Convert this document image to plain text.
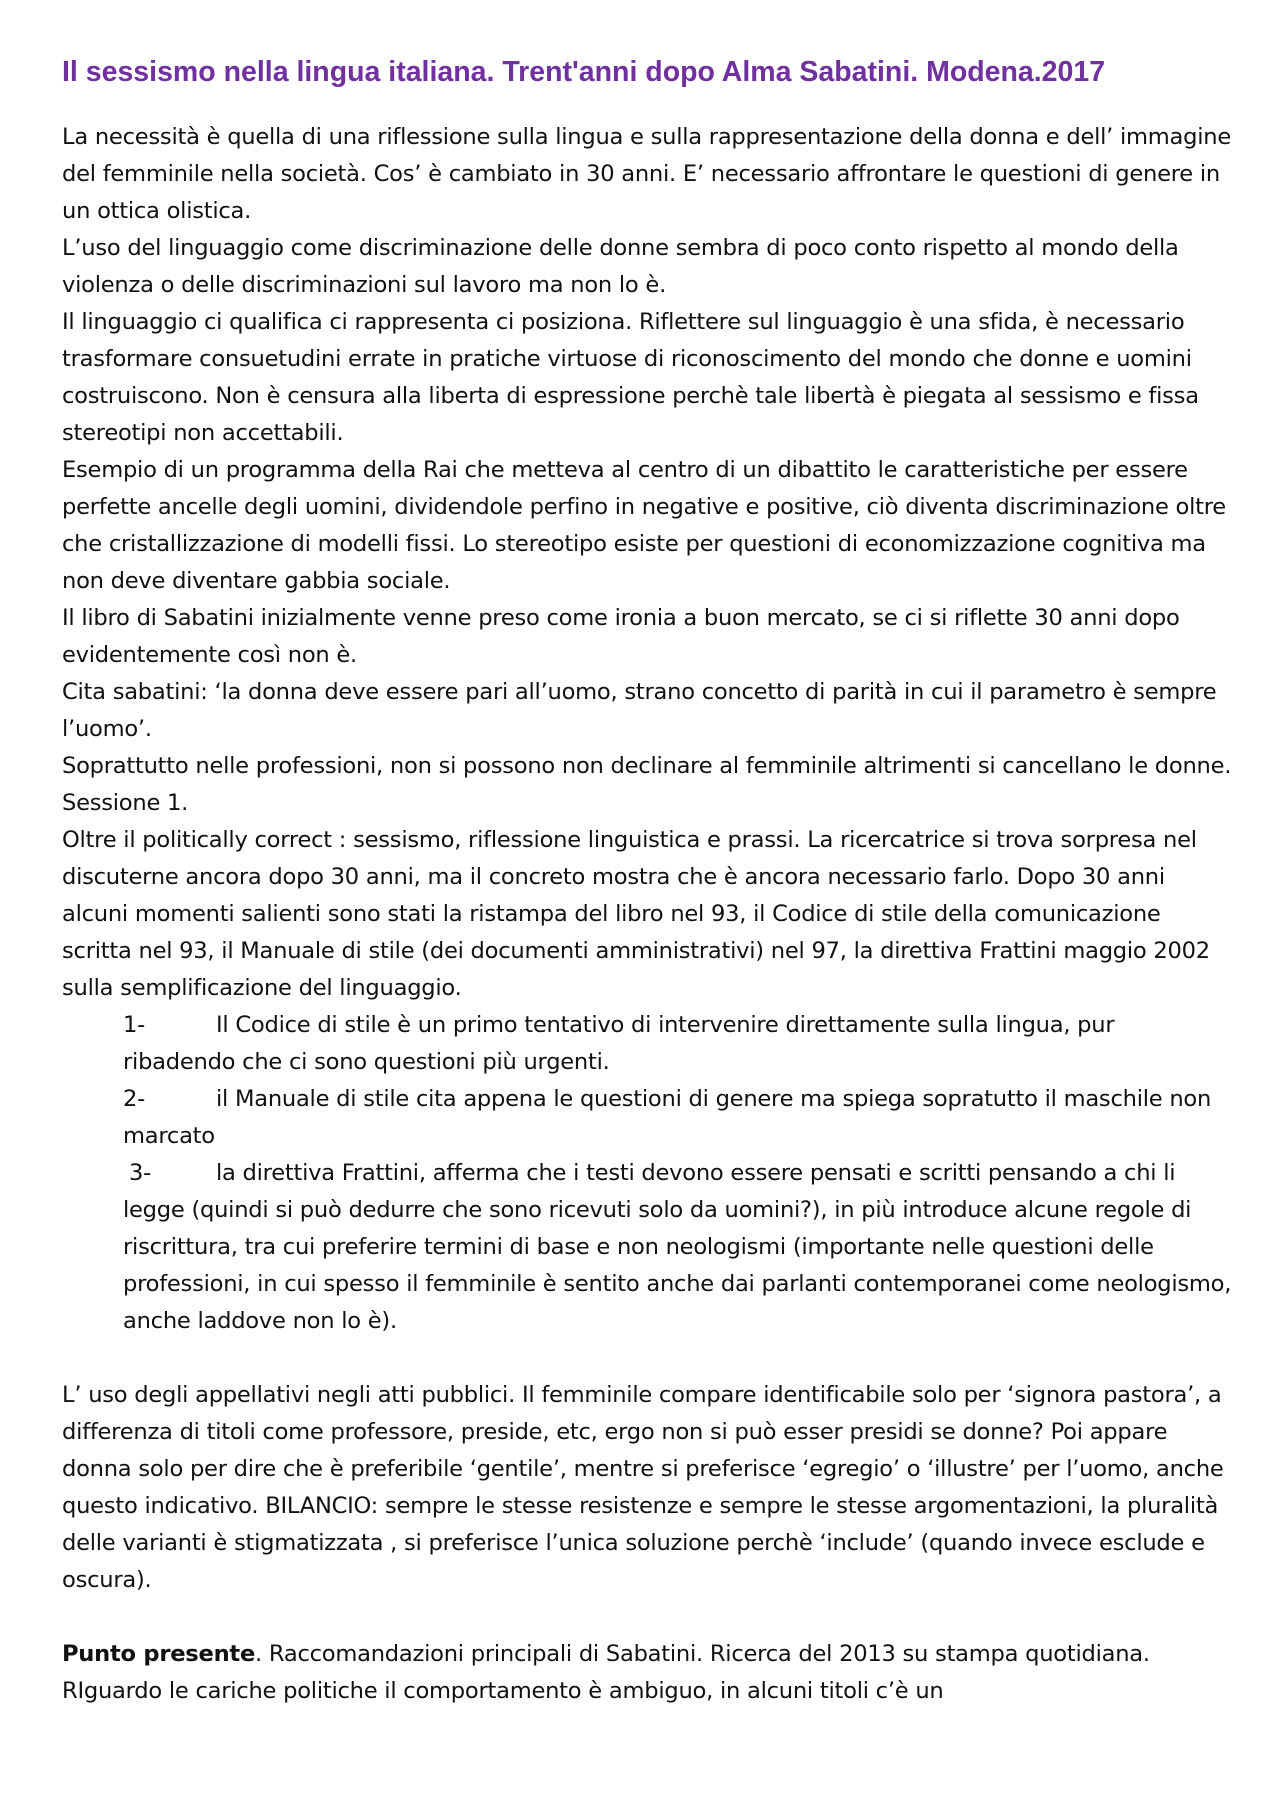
Il sessismo nella lingua italiana. Trent'anni dopo Alma Sabatini. Modena.2017

La necessità è quella di una riflessione sulla lingua e sulla rappresentazione della donna e dell’ immagine del femminile nella società. Cos’ è cambiato in 30 anni. E’ necessario affrontare le questioni di genere in un ottica olistica.

L’uso del linguaggio come discriminazione delle donne sembra di poco conto rispetto al mondo della violenza o delle discriminazioni sul lavoro ma non lo è.

Il linguaggio ci qualifica ci rappresenta ci posiziona. Riflettere sul linguaggio è una sfida, è necessario trasformare consuetudini errate in pratiche virtuose di riconoscimento del mondo che donne e uomini costruiscono. Non è censura alla liberta di espressione perchè tale libertà è piegata al sessismo e fissa stereotipi non accettabili.

Esempio di un programma della Rai che metteva al centro di un dibattito le caratteristiche per essere perfette ancelle degli uomini, dividendole perfino in negative e positive, ciò diventa discriminazione oltre che cristallizzazione di modelli fissi. Lo stereotipo esiste per questioni di economizzazione cognitiva ma non deve diventare gabbia sociale.

Il libro di Sabatini inizialmente venne preso come ironia a buon mercato, se ci si riflette 30 anni dopo evidentemente così non è.

Cita sabatini: ‘la donna deve essere pari all’uomo, strano concetto di parità in cui il parametro è sempre l’uomo’.

Soprattutto nelle professioni, non si possono non declinare al femminile altrimenti si cancellano le donne.

Sessione 1.

Oltre il politically correct : sessismo, riflessione linguistica e prassi. La ricercatrice si trova sorpresa nel discuterne ancora dopo 30 anni, ma il concreto mostra che è ancora necessario farlo. Dopo 30 anni alcuni momenti salienti sono stati la ristampa del libro nel 93, il Codice di stile della comunicazione scritta nel 93, il Manuale di stile (dei documenti amministrativi) nel 97, la direttiva Frattini maggio 2002 sulla semplificazione del linguaggio.

1-	Il Codice di stile è un primo tentativo di intervenire direttamente sulla lingua, pur ribadendo che ci sono questioni più urgenti.
2-	il Manuale di stile cita appena le questioni di genere ma spiega sopratutto il maschile non marcato
3-	la direttiva Frattini, afferma che i testi devono essere pensati e scritti pensando a chi li legge (quindi si può dedurre che sono ricevuti solo da uomini?), in più introduce alcune regole di riscrittura, tra cui preferire termini di base e non neologismi (importante nelle questioni delle professioni, in cui spesso il femminile è sentito anche dai parlanti contemporanei come neologismo, anche laddove non lo è).

L’ uso degli appellativi negli atti pubblici. Il femminile compare identificabile solo per ‘signora pastora’, a differenza di titoli come professore, preside, etc, ergo non si può esser presidi se donne? Poi appare donna solo per dire che è preferibile ‘gentile’, mentre si preferisce ‘egregio’ o ‘illustre’ per l’uomo, anche questo indicativo. BILANCIO: sempre le stesse resistenze e sempre le stesse argomentazioni, la pluralità delle varianti è stigmatizzata , si preferisce l’unica soluzione perchè ‘include’ (quando invece esclude e oscura).

Punto presente. Raccomandazioni principali di Sabatini. Ricerca del 2013 su stampa quotidiana. RIguardo le cariche politiche il comportamento è ambiguo, in alcuni titoli c’è un
